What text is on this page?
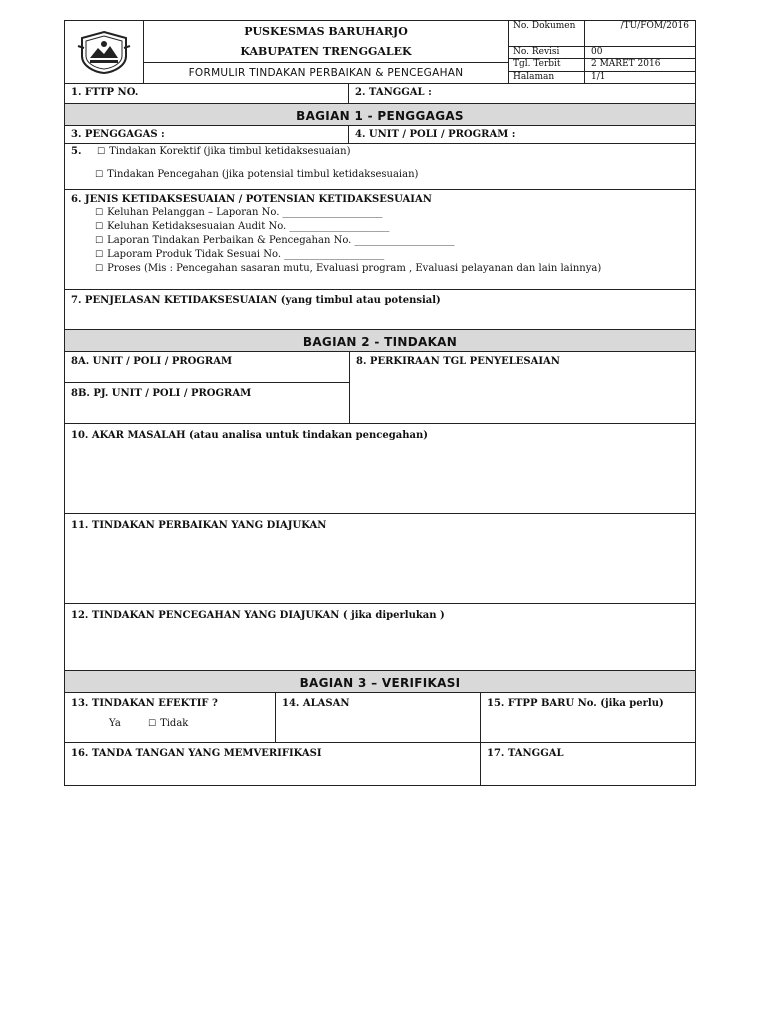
PUSKESMAS BARUHARJO
KABUPATEN TRENGGALEK
FORMULIR TINDAKAN PERBAIKAN & PENCEGAHAN
No. Dokumen	/TU/FOM/2016
No. Revisi	00
Tgl. Terbit	2 MARET 2016
Halaman	1/1
1. FTTP NO.	2. TANGGAL :
BAGIAN 1 - PENGGAGAS
3. PENGGAGAS :	4. UNIT / POLI / PROGRAM :
5. ☐ Tindakan Korektif (jika timbul ketidaksesuaian)
☐ Tindakan Pencegahan (jika potensial timbul ketidaksesuaian)
6. JENIS KETIDAKSESUAIAN / POTENSIAN KETIDAKSESUAIAN
☐ Keluhan Pelanggan – Laporan No. ____________________
☐ Keluhan Ketidaksesuaian Audit No. ____________________
☐ Laporan Tindakan Perbaikan & Pencegahan No. ____________________
☐ Laporam Produk Tidak Sesuai No. ____________________
☐ Proses (Mis : Pencegahan sasaran mutu, Evaluasi program , Evaluasi pelayanan dan lain lainnya)
7. PENJELASAN KETIDAKSESUAIAN (yang timbul atau potensial)
BAGIAN 2 - TINDAKAN
8A. UNIT / POLI / PROGRAM
8B. PJ. UNIT / POLI / PROGRAM
8. PERKIRAAN TGL PENYELESAIAN
10. AKAR MASALAH (atau analisa untuk tindakan pencegahan)
11. TINDAKAN PERBAIKAN YANG DIAJUKAN
12. TINDAKAN PENCEGAHAN YANG DIAJUKAN ( jika diperlukan )
BAGIAN 3 – VERIFIKASI
13. TINDAKAN EFEKTIF ?
Ya	☐ Tidak
14. ALASAN	15. FTPP BARU No. (jika perlu)
16. TANDA TANGAN YANG MEMVERIFIKASI	17. TANGGAL
